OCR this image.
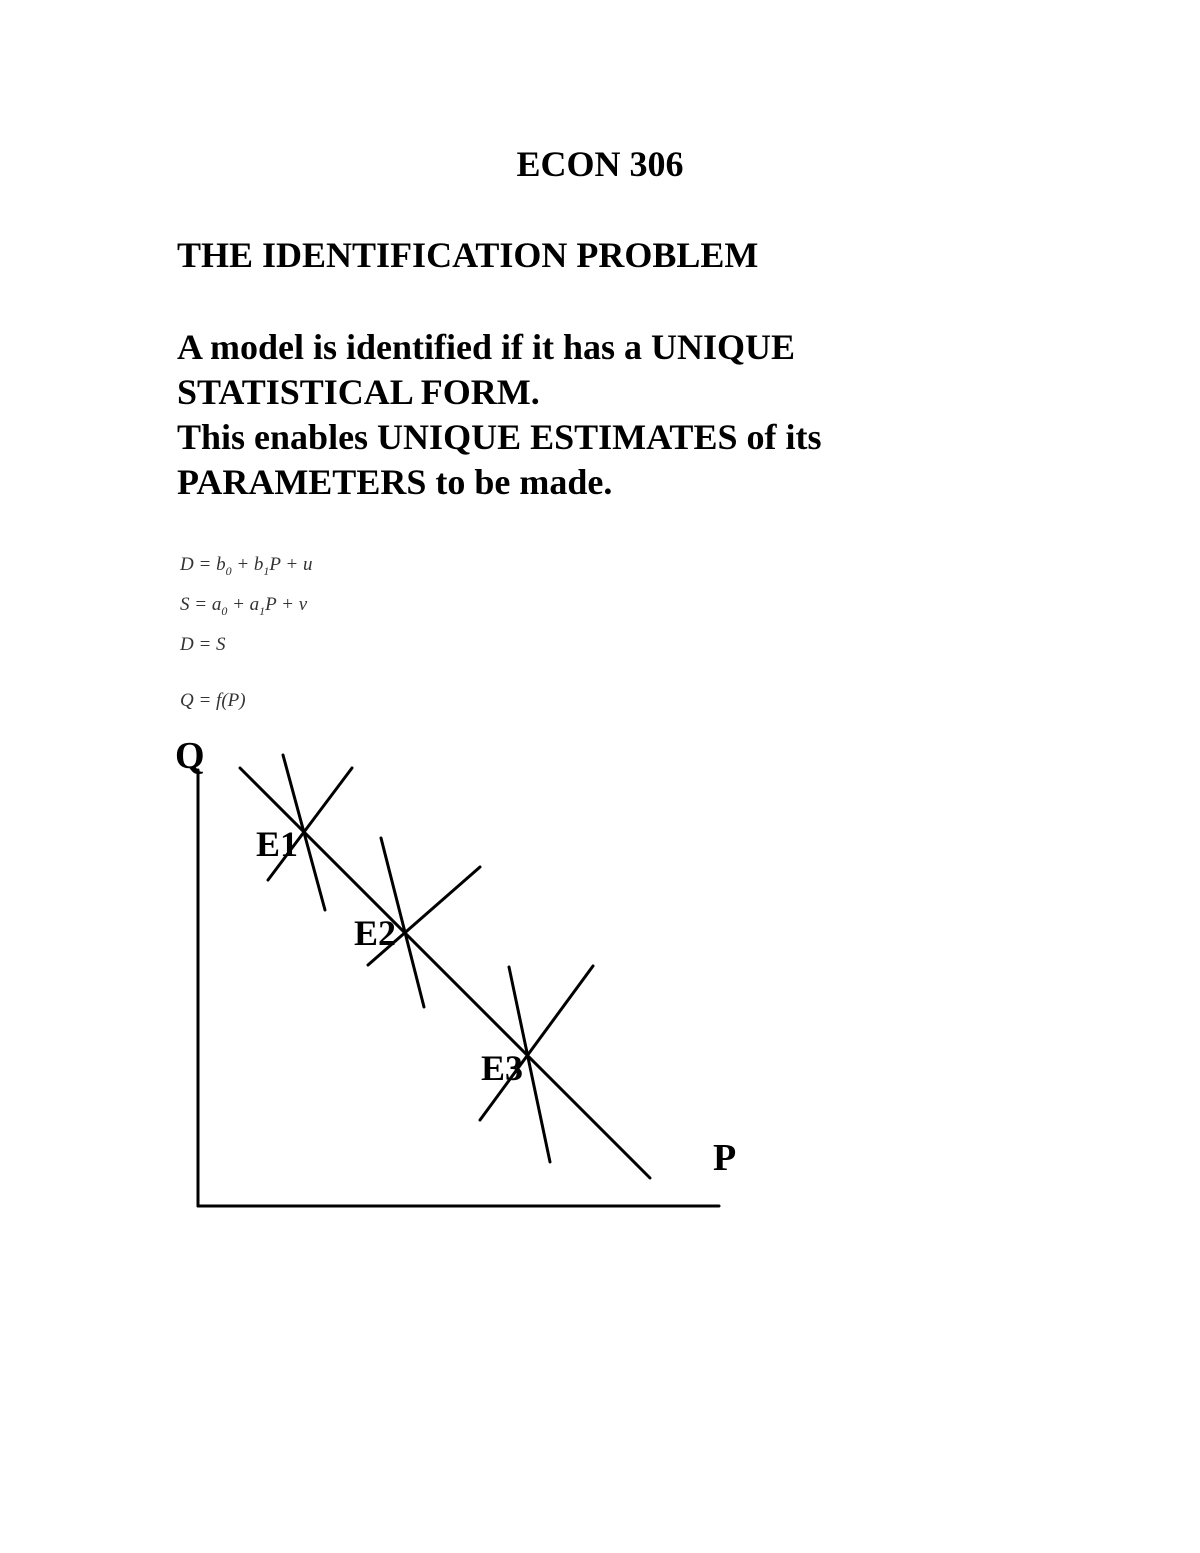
ECON 306
THE IDENTIFICATION PROBLEM
A model is identified if it has a UNIQUE
STATISTICAL FORM.
This enables UNIQUE ESTIMATES of its
PARAMETERS to be made.
$D = b_0 + b_1P + u$
$S = a_0 + a_1P + v$
D = S
Q = f(P)
Q
P
E1
E2
E3
